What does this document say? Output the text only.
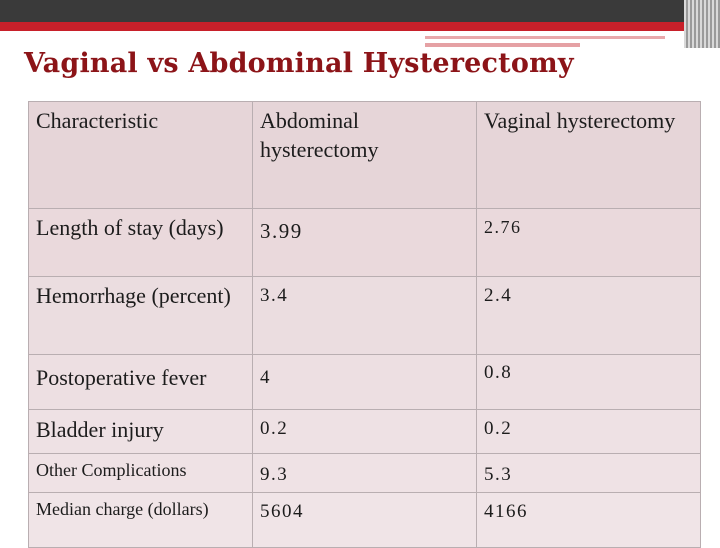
Vaginal vs Abdominal Hysterectomy
Characteristic	Abdominal hysterectomy	Vaginal hysterectomy
Length of stay (days)	3.99	2.76
Hemorrhage (percent)	3.4	2.4
Postoperative fever	4	0.8
Bladder injury	0.2	0.2
Other Complications	9.3	5.3
Median charge (dollars)	5604	4166
